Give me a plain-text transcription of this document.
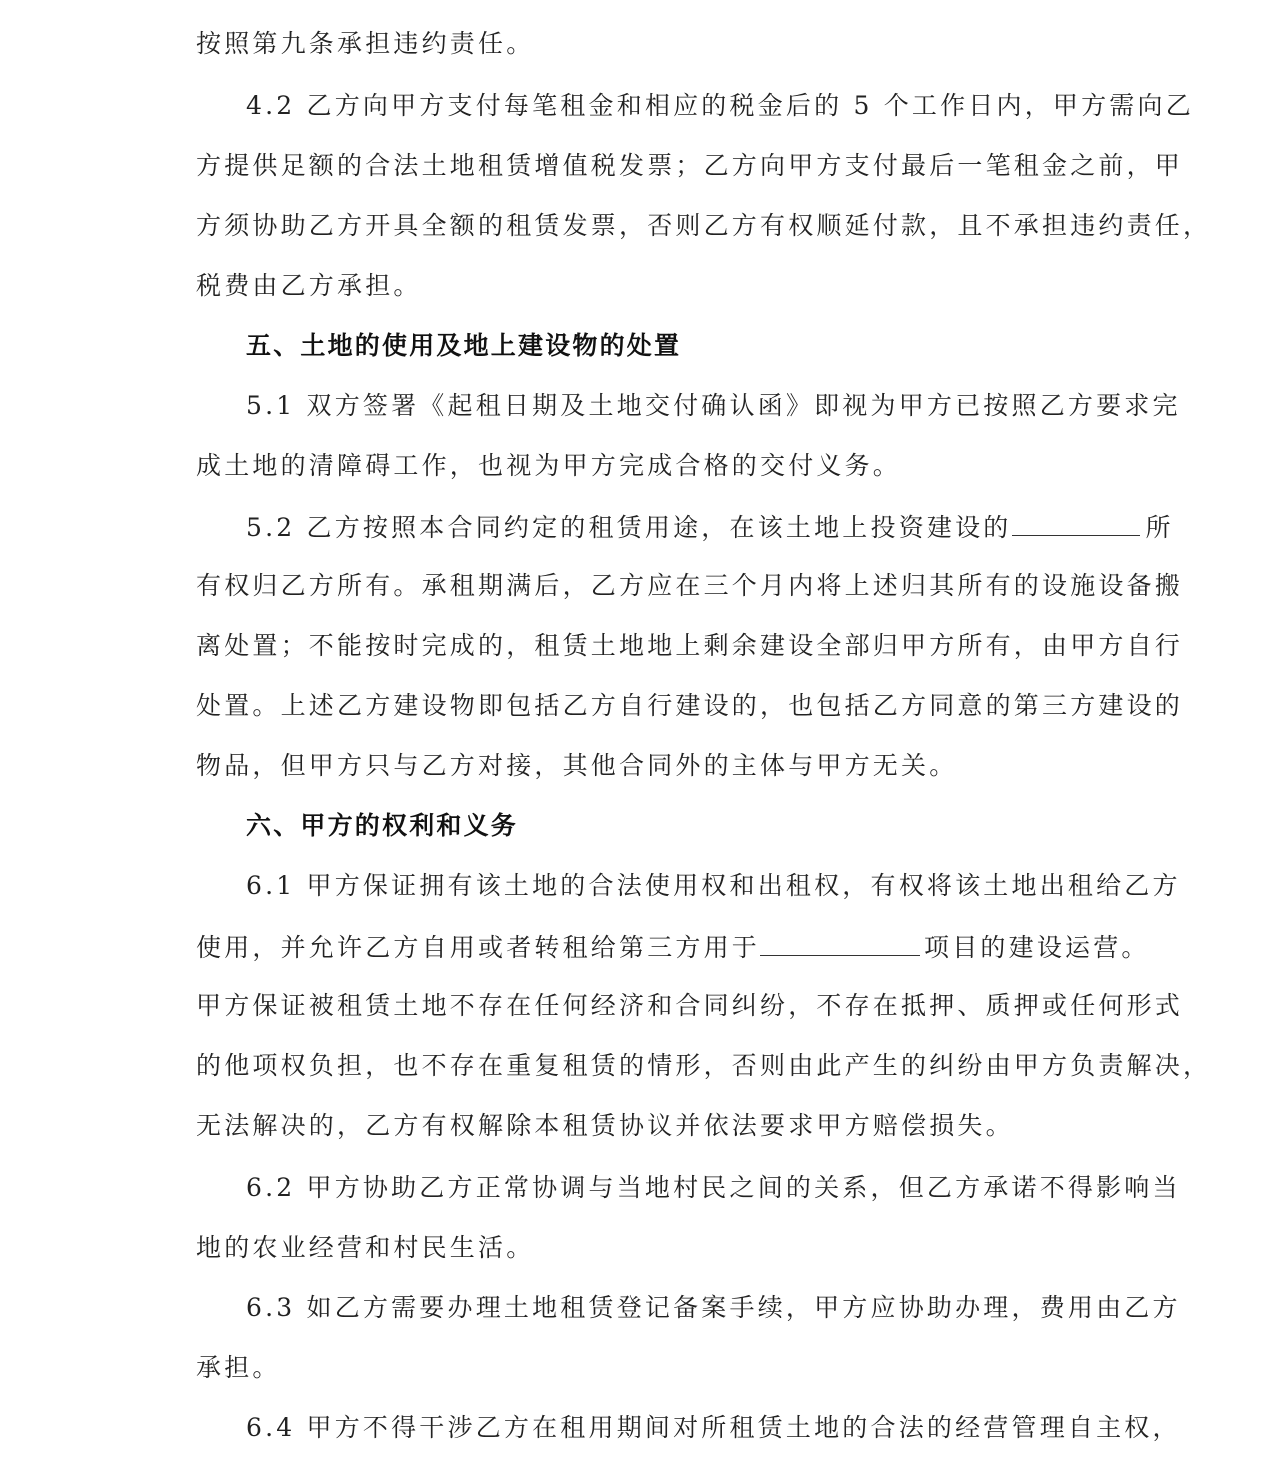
按照第九条承担违约责任。
4.2 乙方向甲方支付每笔租金和相应的税金后的 5 个工作日内，甲方需向乙
方提供足额的合法土地租赁增值税发票；乙方向甲方支付最后一笔租金之前，甲
方须协助乙方开具全额的租赁发票，否则乙方有权顺延付款，且不承担违约责任，
税费由乙方承担。
五、土地的使用及地上建设物的处置
5.1 双方签署《起租日期及土地交付确认函》即视为甲方已按照乙方要求完
成土地的清障碍工作，也视为甲方完成合格的交付义务。
5.2 乙方按照本合同约定的租赁用途，在该土地上投资建设的	所
有权归乙方所有。承租期满后，乙方应在三个月内将上述归其所有的设施设备搬
离处置；不能按时完成的，租赁土地地上剩余建设全部归甲方所有，由甲方自行
处置。上述乙方建设物即包括乙方自行建设的，也包括乙方同意的第三方建设的
物品，但甲方只与乙方对接，其他合同外的主体与甲方无关。
六、甲方的权利和义务
6.1 甲方保证拥有该土地的合法使用权和出租权，有权将该土地出租给乙方
使用，并允许乙方自用或者转租给第三方用于	项目的建设运营。
甲方保证被租赁土地不存在任何经济和合同纠纷，不存在抵押、质押或任何形式
的他项权负担，也不存在重复租赁的情形，否则由此产生的纠纷由甲方负责解决，
无法解决的，乙方有权解除本租赁协议并依法要求甲方赔偿损失。
6.2 甲方协助乙方正常协调与当地村民之间的关系，但乙方承诺不得影响当
地的农业经营和村民生活。
6.3 如乙方需要办理土地租赁登记备案手续，甲方应协助办理，费用由乙方
承担。
6.4 甲方不得干涉乙方在租用期间对所租赁土地的合法的经营管理自主权，
